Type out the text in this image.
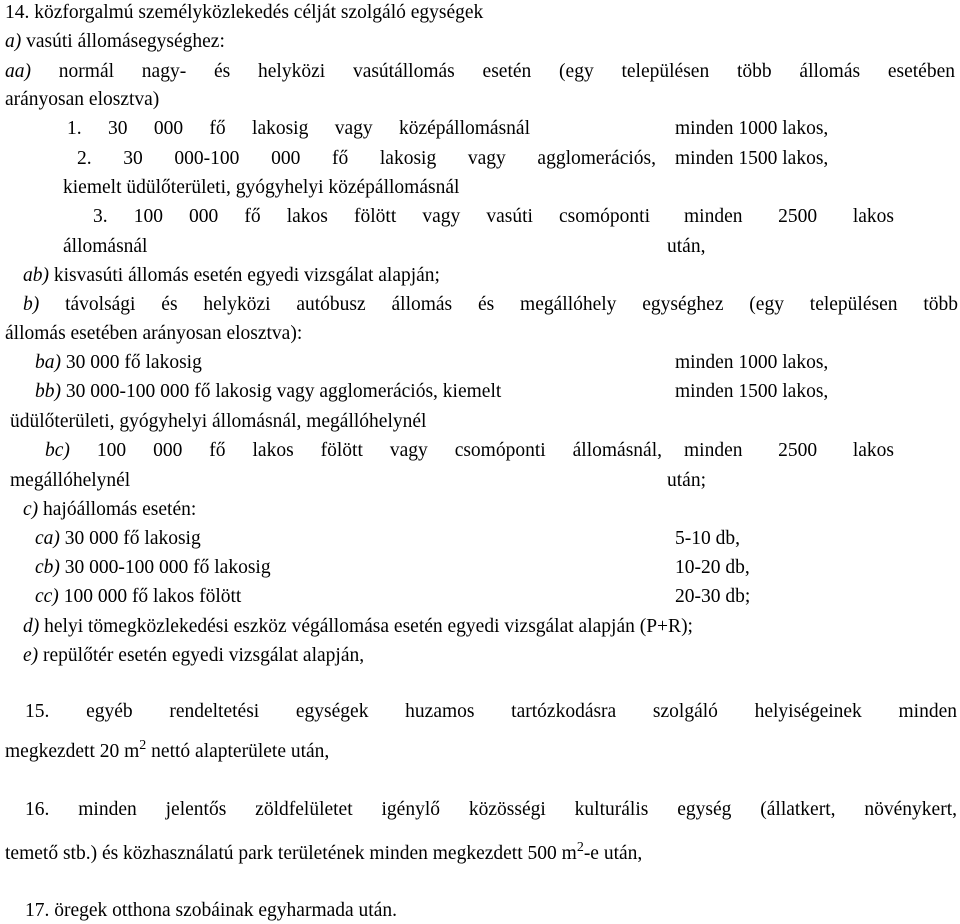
14. közforgalmú személyközlekedés célját szolgáló egységek
a) vasúti állomásegységhez:
aa) normál nagy- és helyközi vasútállomás esetén (egy településen több állomás esetében
arányosan elosztva)
1. 30 000 fő lakosig vagy középállomásnál	minden 1000 lakos,
2. 30 000-100 000 fő lakosig vagy agglomerációs, minden 1500 lakos,
kiemelt üdülőterületi, gyógyhelyi középállomásnál
3. 100 000 fő lakos fölött vagy vasúti csomóponti minden 2500 lakos
állomásnál	után,
ab) kisvasúti állomás esetén egyedi vizsgálat alapján;
b) távolsági és helyközi autóbusz állomás és megállóhely egységhez (egy településen több
állomás esetében arányosan elosztva):
ba) 30 000 fő lakosig	minden 1000 lakos,
bb) 30 000-100 000 fő lakosig vagy agglomerációs, kiemelt	minden 1500 lakos,
üdülőterületi, gyógyhelyi állomásnál, megállóhelynél
bc) 100 000 fő lakos fölött vagy csomóponti állomásnál, minden 2500 lakos
megállóhelynél	után;
c) hajóállomás esetén:
ca) 30 000 fő lakosig	5-10 db,
cb) 30 000-100 000 fő lakosig	10-20 db,
cc) 100 000 fő lakos fölött	20-30 db;
d) helyi tömegközlekedési eszköz végállomása esetén egyedi vizsgálat alapján (P+R);
e) repülőtér esetén egyedi vizsgálat alapján,
15. egyéb rendeltetési egységek huzamos tartózkodásra szolgáló helyiségeinek minden
megkezdett 20 $m^2$ nettó alapterülete után,
16. minden jelentős zöldfelületet igénylő közösségi kulturális egység (állatkert, növénykert,
temető stb.) és közhasználatú park területének minden megkezdett 500 $m^2-e$ után,
17. öregek otthona szobáinak egyharmada után.
